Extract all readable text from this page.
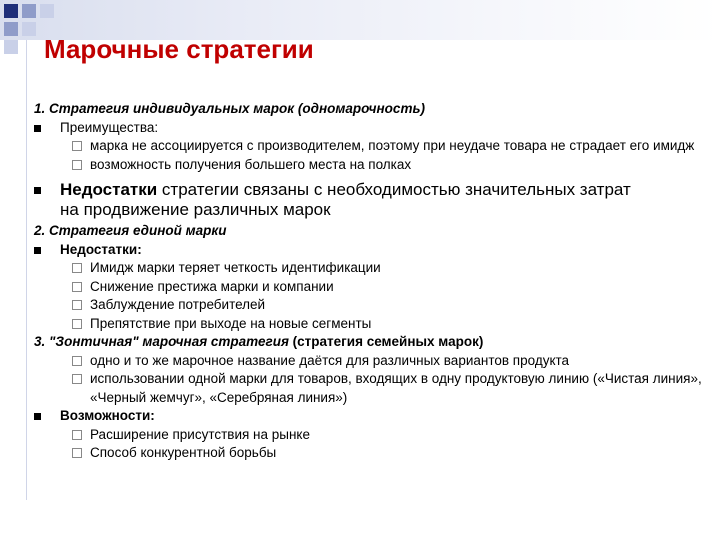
Марочные стратегии
1. Стратегия индивидуальных марок (одномарочность)
Преимущества:
марка не ассоциируется с производителем, поэтому при неудаче товара не страдает его имидж
возможность получения большего места на полках
Недостатки стратегии связаны с необходимостью значительных затрат
на продвижение различных марок
2. Стратегия единой марки
Недостатки:
Имидж марки теряет четкость идентификации
Снижение престижа марки и компании
Заблуждение потребителей
Препятствие при выходе на новые сегменты
3. "Зонтичная" марочная стратегия (стратегия семейных марок)
одно и то же марочное название даётся для различных вариантов продукта
использовании одной марки для товаров, входящих в одну продуктовую линию («Чистая линия», «Черный жемчуг», «Серебряная линия»)
Возможности:
Расширение присутствия на рынке
Способ конкурентной борьбы
